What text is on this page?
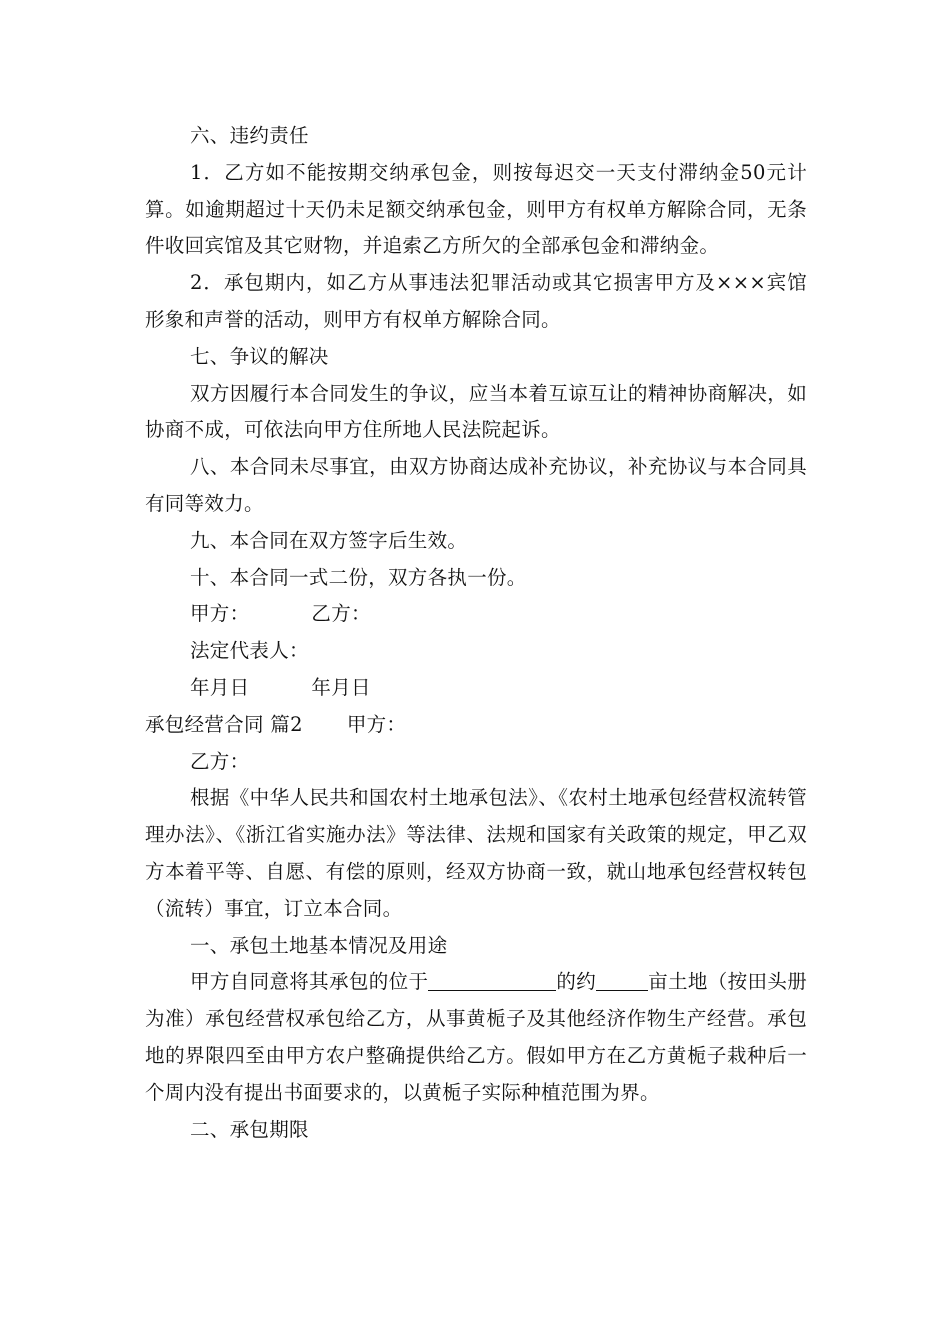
六、违约责任

1．乙方如不能按期交纳承包金，则按每迟交一天支付滞纳金50元计算。如逾期超过十天仍未足额交纳承包金，则甲方有权单方解除合同，无条件收回宾馆及其它财物，并追索乙方所欠的全部承包金和滞纳金。

2．承包期内，如乙方从事违法犯罪活动或其它损害甲方及×××宾馆形象和声誉的活动，则甲方有权单方解除合同。

七、争议的解决

双方因履行本合同发生的争议，应当本着互谅互让的精神协商解决，如协商不成，可依法向甲方住所地人民法院起诉。

八、本合同未尽事宜，由双方协商达成补充协议，补充协议与本合同具有同等效力。

九、本合同在双方签字后生效。

十、本合同一式二份，双方各执一份。

甲方：	乙方：

法定代表人：

年月日	年月日

承包经营合同 篇2 甲方：

乙方：

根据《中华人民共和国农村土地承包法》、《农村土地承包经营权流转管理办法》、《浙江省实施办法》等法律、法规和国家有关政策的规定，甲乙双方本着平等、自愿、有偿的原则，经双方协商一致，就山地承包经营权转包（流转）事宜，订立本合同。

一、承包土地基本情况及用途

甲方自同意将其承包的位于	的约	亩土地（按田头册为准）承包经营权承包给乙方，从事黄栀子及其他经济作物生产经营。承包地的界限四至由甲方农户整确提供给乙方。假如甲方在乙方黄栀子栽种后一个周内没有提出书面要求的，以黄栀子实际种植范围为界。

二、承包期限
